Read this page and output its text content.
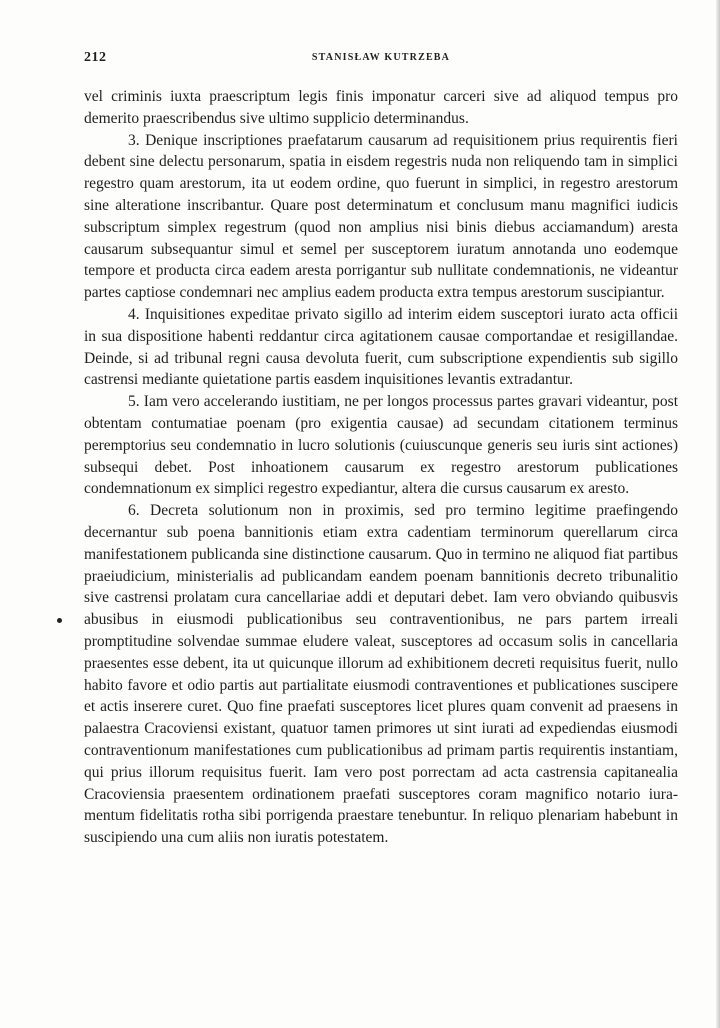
212	STANISŁAW KUTRZEBA

vel criminis iuxta praescriptum legis finis imponatur carceri sive ad aliquod tempus pro demerito praescribendus sive ultimo supplicio determinandus.

3. Denique inscriptiones praefatarum causarum ad requisitionem prius requirentis fieri debent sine delectu personarum, spatia in eisdem regestris nuda non reliquendo tam in simplici regestro quam arestorum, ita ut eodem ordine, quo fuerunt in simplici, in regestro arestorum sine alteratione inscribantur. Quare post determinatum et conclusum manu magnifici iudicis subscriptum simplex regestrum (quod non amplius nisi binis diebus acciamandum) aresta causarum subsequantur simul et semel per susceptorem iuratum annotanda uno eodemque tempore et producta circa eadem aresta porrigantur sub nullitate condemnationis, ne videantur partes captiose condemnari nec amplius eadem producta extra tempus arestorum suscipiantur.

4. Inquisitiones expeditae privato sigillo ad interim eidem susceptori iurato acta officii in sua dispositione habenti reddantur circa agitationem causae comportandae et resigillandae. Deinde, si ad tribunal regni causa devoluta fuerit, cum subscriptione expendientis sub sigillo castrensi mediante quietatione partis easdem inquisitiones levantis extradantur.

5. Iam vero accelerando iustitiam, ne per longos processus partes gravari videantur, post obtentam contumatiae poenam (pro exigentia causae) ad secundam citationem terminus peremptorius seu condemnatio in lucro solutionis (cuiuscunque generis seu iuris sint actiones) subsequi debet. Post inhoationem causarum ex regestro arestorum publicationes condemnationum ex simplici regestro expediantur, altera die cursus causarum ex aresto.

6. Decreta solutionum non in proximis, sed pro termino legitime praefingendo decernantur sub poena bannitionis etiam extra cadentiam terminorum querellarum circa manifestationem publicanda sine distinctione causarum. Quo in termino ne aliquod fiat partibus praeiudicium, ministerialis ad publicandam eandem poenam bannitionis decreto tribunalitio sive castrensi prolatam cura cancellariae addi et deputari debet. Iam vero obviando quibusvis abusibus in eiusmodi publicationibus seu contraventionibus, ne pars partem irreali promptitudine solvendae summae eludere valeat, susceptores ad occasum solis in cancellaria praesentes esse debent, ita ut quicunque illorum ad exhibitionem decreti requisitus fuerit, nullo habito favore et odio partis aut partialitate eiusmodi contraventiones et publicationes suscipere et actis inserere curet. Quo fine praefati susceptores licet plures quam convenit ad praesens in palaestra Cracoviensi existant, quatuor tamen primores ut sint iurati ad expediendas eiusmodi contraventionum manifestationes cum publicationibus ad primam partis requirentis instantiam, qui prius illorum requisitus fuerit. Iam vero post porrectam ad acta castrensia capitanealia Cracoviensia praesentem ordinationem praefati susceptores coram magnifico notario iuramentum fidelitatis rotha sibi porrigenda praestare tenebuntur. In reliquo plenariam habebunt in suscipiendo una cum aliis non iuratis potestatem.
